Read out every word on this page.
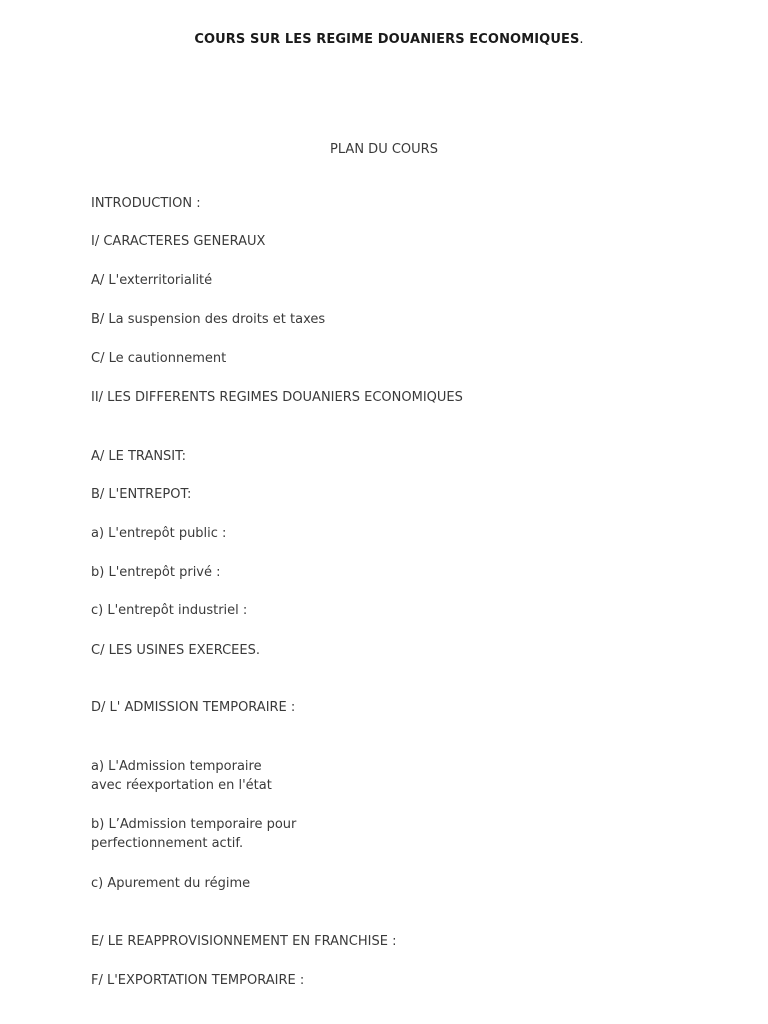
COURS SUR LES REGIME DOUANIERS ECONOMIQUES.
PLAN DU COURS
INTRODUCTION :
I/ CARACTERES GENERAUX
A/ L'exterritorialité
B/ La suspension des droits et taxes
C/ Le cautionnement
II/ LES DIFFERENTS REGIMES DOUANIERS ECONOMIQUES
A/ LE TRANSIT:
B/ L'ENTREPOT:
a) L'entrepôt public :
b) L'entrepôt privé :
c) L'entrepôt industriel :
C/ LES USINES EXERCEES.
D/ L' ADMISSION TEMPORAIRE :
a) L'Admission temporaire
avec réexportation en l'état
b) L’Admission temporaire pour
perfectionnement actif.
c) Apurement du régime
E/ LE REAPPROVISIONNEMENT EN FRANCHISE :
F/ L'EXPORTATION TEMPORAIRE :
